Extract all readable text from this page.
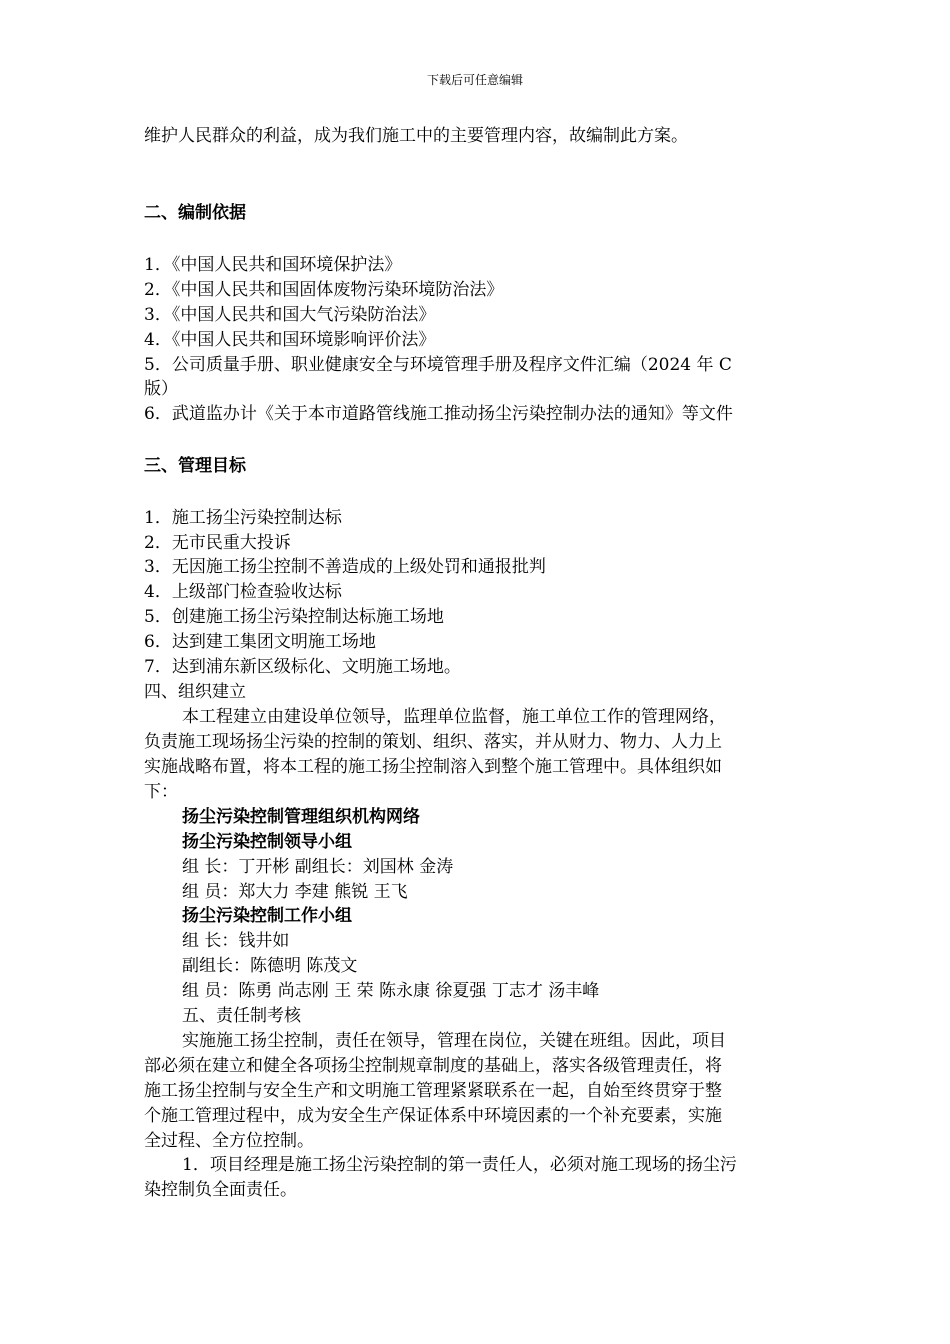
下载后可任意编辑
维护人民群众的利益，成为我们施工中的主要管理内容，故编制此方案。
二、编制依据
1．《中国人民共和国环境保护法》
2．《中国人民共和国固体废物污染环境防治法》
3．《中国人民共和国大气污染防治法》
4．《中国人民共和国环境影响评价法》
5．公司质量手册、职业健康安全与环境管理手册及程序文件汇编（2024 年 C
版）
6．武道监办计《关于本市道路管线施工推动扬尘污染控制办法的通知》等文件
三、管理目标
1．施工扬尘污染控制达标
2．无市民重大投诉
3．无因施工扬尘控制不善造成的上级处罚和通报批判
4．上级部门检查验收达标
5．创建施工扬尘污染控制达标施工场地
6．达到建工集团文明施工场地
7．达到浦东新区级标化、文明施工场地。
四、组织建立
本工程建立由建设单位领导，监理单位监督，施工单位工作的管理网络，
负责施工现场扬尘污染的控制的策划、组织、落实，并从财力、物力、人力上
实施战略布置，将本工程的施工扬尘控制溶入到整个施工管理中。具体组织如
下：
扬尘污染控制管理组织机构网络
扬尘污染控制领导小组
组 长：丁开彬 副组长：刘国林 金涛
组 员：郑大力 李建 熊锐 王飞
扬尘污染控制工作小组
组 长：钱井如
副组长：陈德明 陈茂文
组 员：陈勇 尚志刚 王 荣 陈永康 徐夏强 丁志才 汤丰峰
五、责任制考核
实施施工扬尘控制，责任在领导，管理在岗位，关键在班组。因此，项目
部必须在建立和健全各项扬尘控制规章制度的基础上，落实各级管理责任，将
施工扬尘控制与安全生产和文明施工管理紧紧联系在一起，自始至终贯穿于整
个施工管理过程中，成为安全生产保证体系中环境因素的一个补充要素，实施
全过程、全方位控制。
1．项目经理是施工扬尘污染控制的第一责任人，必须对施工现场的扬尘污
染控制负全面责任。
